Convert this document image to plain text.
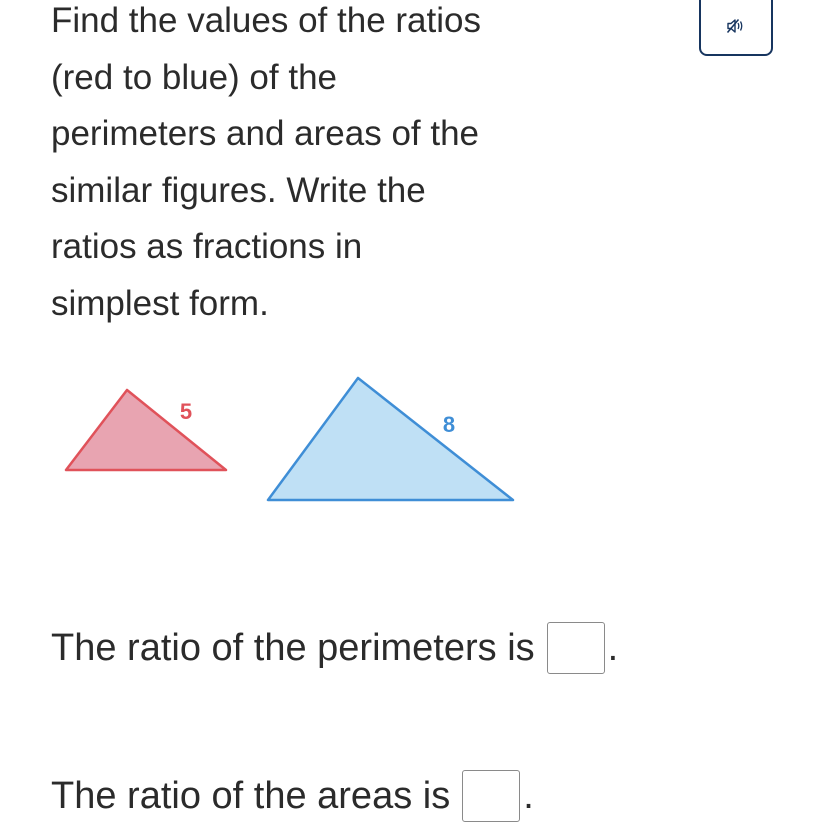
Find the values of the ratios
(red to blue) of the
perimeters and areas of the
similar figures. Write the
ratios as fractions in
simplest form.
5
8
The ratio of the perimeters is .
The ratio of the areas is .
